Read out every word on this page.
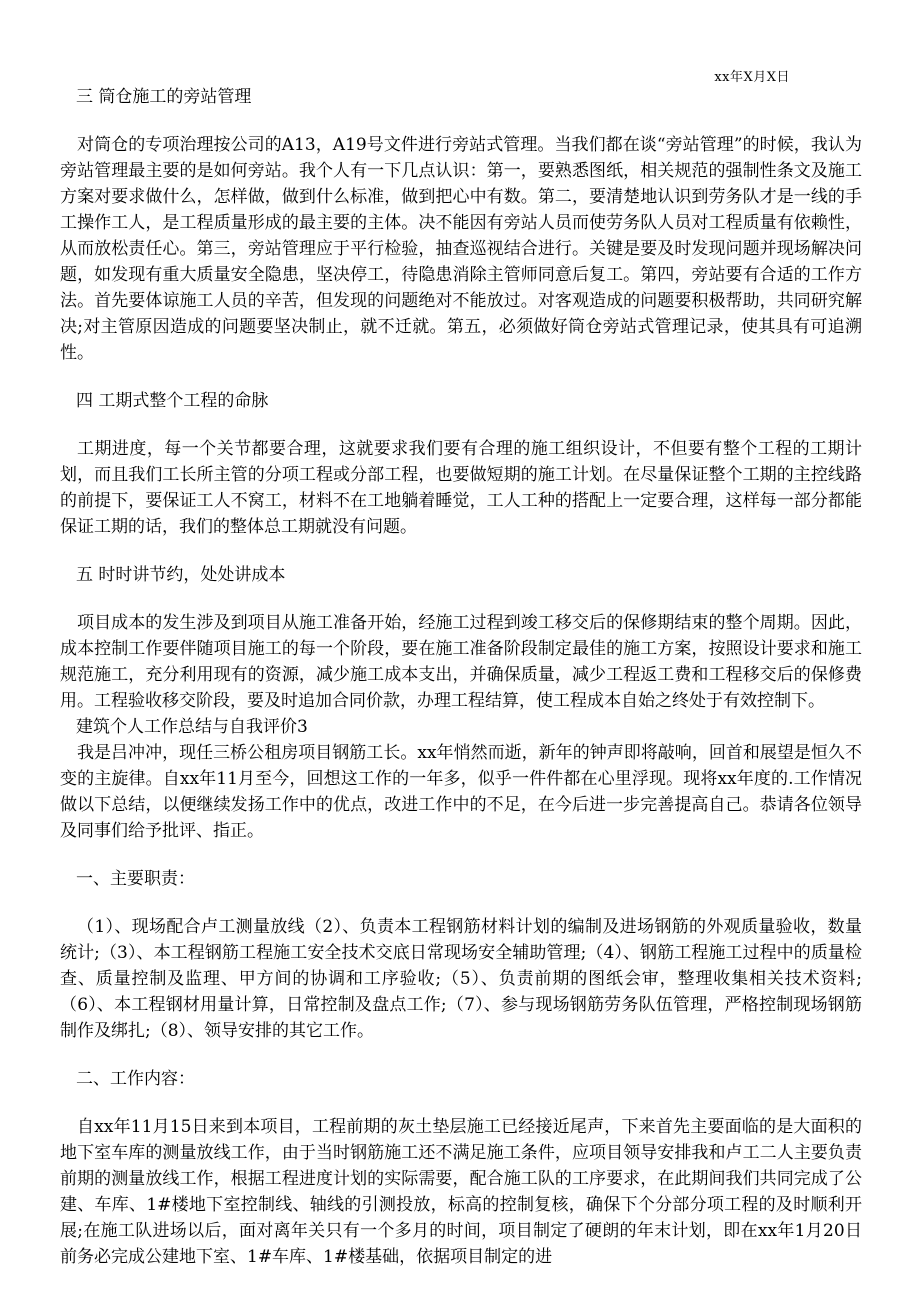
xx年X月X日

三 筒仓施工的旁站管理

对筒仓的专项治理按公司的A13，A19号文件进行旁站式管理。当我们都在谈“旁站管理”的时候，我认为旁站管理最主要的是如何旁站。我个人有一下几点认识：第一，要熟悉图纸，相关规范的强制性条文及施工方案对要求做什么，怎样做，做到什么标准，做到把心中有数。第二，要清楚地认识到劳务队才是一线的手工操作工人，是工程质量形成的最主要的主体。决不能因有旁站人员而使劳务队人员对工程质量有依赖性，从而放松责任心。第三，旁站管理应于平行检验，抽查巡视结合进行。关键是要及时发现问题并现场解决问题，如发现有重大质量安全隐患，坚决停工，待隐患消除主管师同意后复工。第四，旁站要有合适的工作方法。首先要体谅施工人员的辛苦，但发现的问题绝对不能放过。对客观造成的问题要积极帮助，共同研究解决;对主管原因造成的问题要坚决制止，就不迁就。第五，必须做好筒仓旁站式管理记录，使其具有可追溯性。

四 工期式整个工程的命脉

工期进度，每一个关节都要合理，这就要求我们要有合理的施工组织设计，不但要有整个工程的工期计划，而且我们工长所主管的分项工程或分部工程，也要做短期的施工计划。在尽量保证整个工期的主控线路的前提下，要保证工人不窝工，材料不在工地躺着睡觉，工人工种的搭配上一定要合理，这样每一部分都能保证工期的话，我们的整体总工期就没有问题。

五 时时讲节约，处处讲成本

项目成本的发生涉及到项目从施工准备开始，经施工过程到竣工移交后的保修期结束的整个周期。因此，成本控制工作要伴随项目施工的每一个阶段，要在施工准备阶段制定最佳的施工方案，按照设计要求和施工规范施工，充分利用现有的资源，减少施工成本支出，并确保质量，减少工程返工费和工程移交后的保修费用。工程验收移交阶段，要及时追加合同价款，办理工程结算，使工程成本自始之终处于有效控制下。

建筑个人工作总结与自我评价3

我是吕冲冲，现任三桥公租房项目钢筋工长。xx年悄然而逝，新年的钟声即将敲响，回首和展望是恒久不变的主旋律。自xx年11月至今，回想这工作的一年多，似乎一件件都在心里浮现。现将xx年度的.工作情况做以下总结，以便继续发扬工作中的优点，改进工作中的不足，在今后进一步完善提高自己。恭请各位领导及同事们给予批评、指正。

一、主要职责：

（1）、现场配合卢工测量放线（2）、负责本工程钢筋材料计划的编制及进场钢筋的外观质量验收，数量统计;（3）、本工程钢筋工程施工安全技术交底日常现场安全辅助管理;（4）、钢筋工程施工过程中的质量检查、质量控制及监理、甲方间的协调和工序验收;（5）、负责前期的图纸会审，整理收集相关技术资料;（6）、本工程钢材用量计算，日常控制及盘点工作;（7）、参与现场钢筋劳务队伍管理，严格控制现场钢筋制作及绑扎;（8）、领导安排的其它工作。

二、工作内容：

自xx年11月15日来到本项目，工程前期的灰土垫层施工已经接近尾声，下来首先主要面临的是大面积的地下室车库的测量放线工作，由于当时钢筋施工还不满足施工条件，应项目领导安排我和卢工二人主要负责前期的测量放线工作，根据工程进度计划的实际需要，配合施工队的工序要求，在此期间我们共同完成了公建、车库、1#楼地下室控制线、轴线的引测投放，标高的控制复核，确保下个分部分项工程的及时顺利开展;在施工队进场以后，面对离年关只有一个多月的时间，项目制定了硬朗的年末计划，即在xx年1月20日前务必完成公建地下室、1#车库、1#楼基础，依据项目制定的进
